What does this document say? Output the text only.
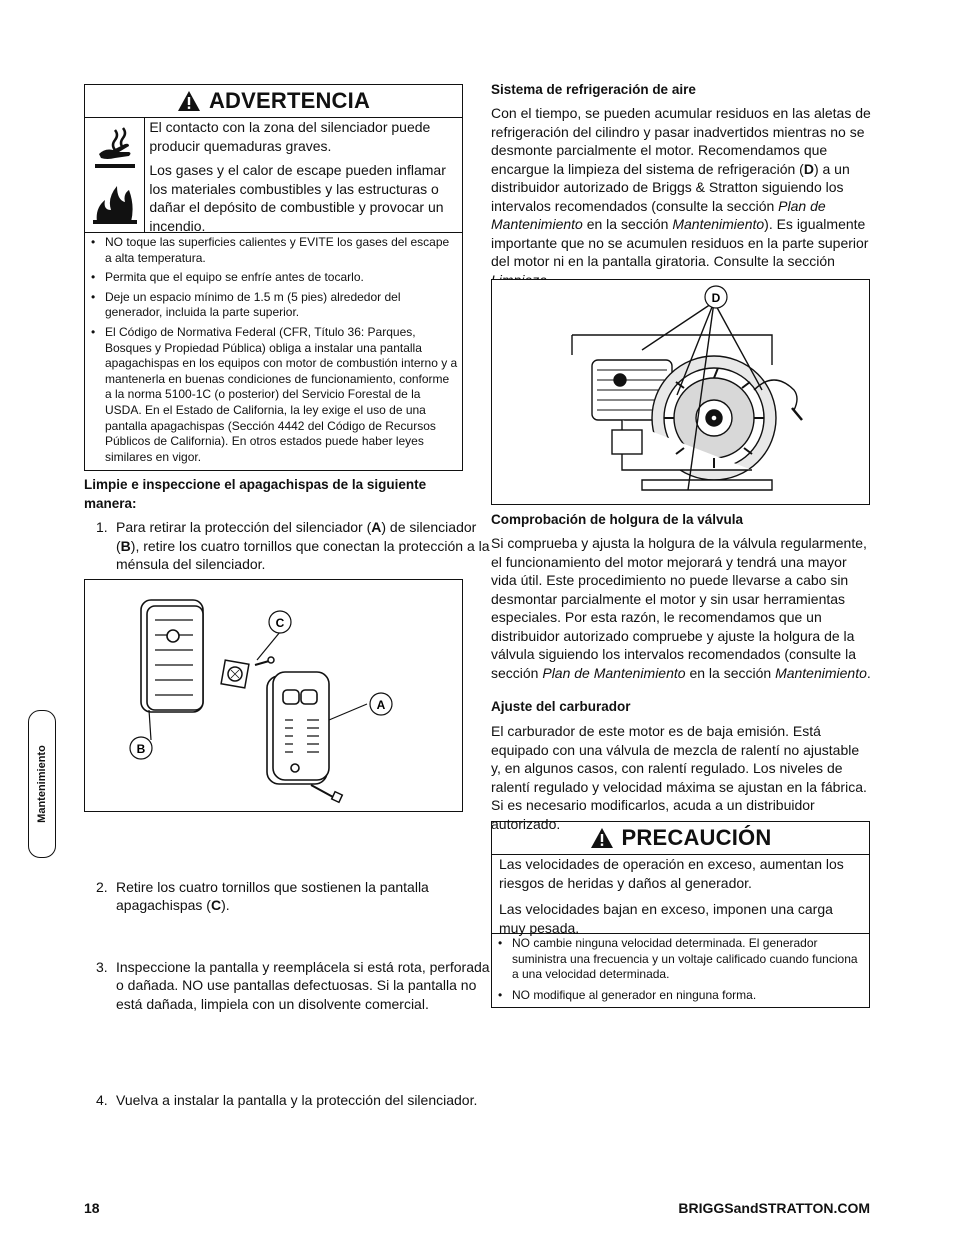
ADVERTENCIA

El contacto con la zona del silenciador puede producir quemaduras graves.

Los gases y el calor de escape pueden inflamar los materiales combustibles y las estructuras o dañar el depósito de combustible y provocar un incendio.

• NO toque las superficies calientes y EVITE los gases del escape a alta temperatura.
• Permita que el equipo se enfríe antes de tocarlo.
• Deje un espacio mínimo de 1.5 m (5 pies) alrededor del generador, incluida la parte superior.
• El Código de Normativa Federal (CFR, Título 36: Parques, Bosques y Propiedad Pública) obliga a instalar una pantalla apagachispas en los equipos con motor de combustión interno y a mantenerla en buenas condiciones de funcionamiento, conforme a la norma 5100-1C (o posterior) del Servicio Forestal de la USDA. En el Estado de California, la ley exige el uso de una pantalla apagachispas (Sección 4442 del Código de Recursos Públicos de California). En otros estados puede haber leyes similares en vigor.
Limpie e inspeccione el apagachispas de la siguiente manera:
1. Para retirar la protección del silenciador (A) de silenciador (B), retire los cuatro tornillos que conectan la protección a la ménsula del silenciador.
C
A
B
2. Retire los cuatro tornillos que sostienen la pantalla apagachispas (C).
3. Inspeccione la pantalla y reemplácela si está rota, perforada o dañada. NO use pantallas defectuosas. Si la pantalla no está dañada, limpiela con un disolvente comercial.
4. Vuelva a instalar la pantalla y la protección del silenciador.
Mantenimiento
Sistema de refrigeración de aire
Con el tiempo, se pueden acumular residuos en las aletas de refrigeración del cilindro y pasar inadvertidos mientras no se desmonte parcialmente el motor. Recomendamos que encargue la limpieza del sistema de refrigeración (D) a un distribuidor autorizado de Briggs & Stratton siguiendo los intervalos recomendados (consulte la sección Plan de Mantenimiento en la sección Mantenimiento). Es igualmente importante que no se acumulen residuos en la parte superior del motor ni en la pantalla giratoria. Consulte la sección
D
Comprobación de holgura de la válvula
Si comprueba y ajusta la holgura de la válvula regularmente, el funcionamiento del motor mejorará y tendrá una mayor vida útil. Este procedimiento no puede llevarse a cabo sin desmontar parcialmente el motor y sin usar herramientas especiales. Por esta razón, le recomendamos que un distribuidor autorizado compruebe y ajuste la holgura de la válvula siguiendo los intervalos recomendados (consulte la sección Plan de Mantenimiento en la sección Mantenimiento.
Ajuste del carburador
El carburador de este motor es de baja emisión. Está equipado con una válvula de mezcla de ralentí no ajustable y, en algunos casos, con ralentí regulado. Los niveles de ralentí regulado y velocidad máxima se ajustan en la fábrica. Si es necesario modificarlos, acuda a un distribuidor autorizado.
PRECAUCIÓN

Las velocidades de operación en exceso, aumentan los riesgos de heridas y daños al generador.

Las velocidades bajan en exceso, imponen una carga muy pesada.

• NO cambie ninguna velocidad determinada. El generador suministra una frecuencia y un voltaje calificado cuando funciona a una velocidad determinada.
• NO modifique al generador en ninguna forma.
18	BRIGGSandSTRATTON.COM
